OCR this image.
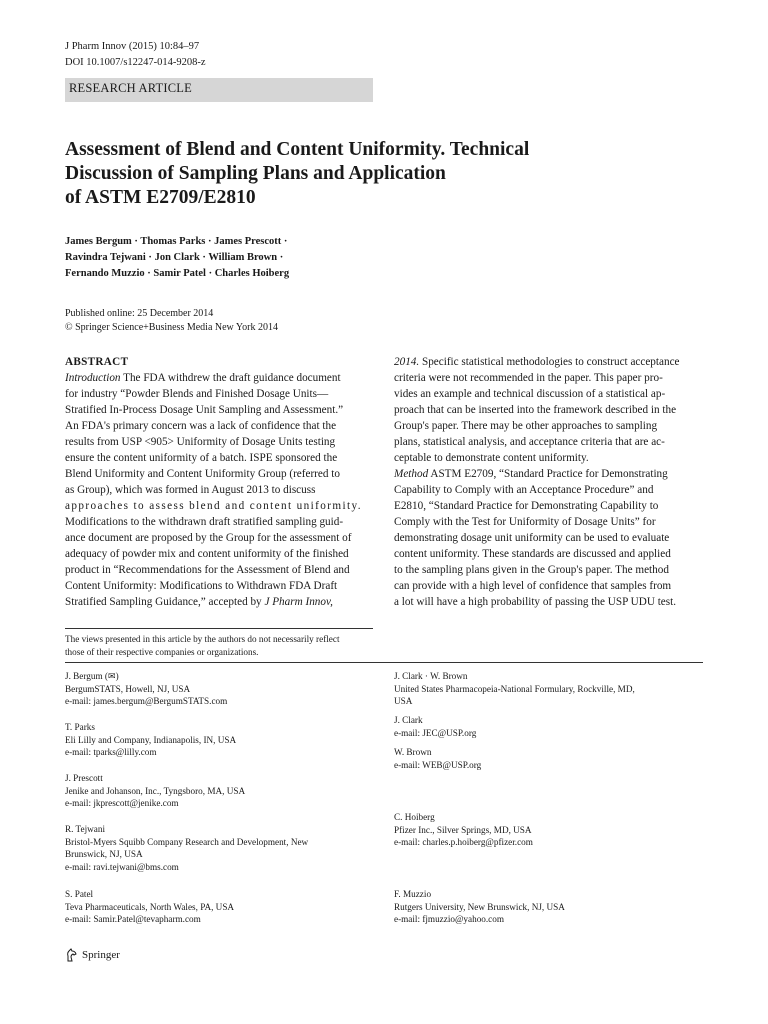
J Pharm Innov (2015) 10:84–97
DOI 10.1007/s12247-014-9208-z
RESEARCH ARTICLE
Assessment of Blend and Content Uniformity. Technical
Discussion of Sampling Plans and Application
of ASTM E2709/E2810
James Bergum · Thomas Parks · James Prescott ·
Ravindra Tejwani · Jon Clark · William Brown ·
Fernando Muzzio · Samir Patel · Charles Hoiberg
Published online: 25 December 2014
© Springer Science+Business Media New York 2014
ABSTRACT
Introduction The FDA withdrew the draft guidance document
for industry “Powder Blends and Finished Dosage Units—
Stratified In-Process Dosage Unit Sampling and Assessment.”
An FDA's primary concern was a lack of confidence that the
results from USP <905> Uniformity of Dosage Units testing
ensure the content uniformity of a batch. ISPE sponsored the
Blend Uniformity and Content Uniformity Group (referred to
as Group), which was formed in August 2013 to discuss
approaches to assess blend and content uniformity.
Modifications to the withdrawn draft stratified sampling guid-
ance document are proposed by the Group for the assessment of
adequacy of powder mix and content uniformity of the finished
product in “Recommendations for the Assessment of Blend and
Content Uniformity: Modifications to Withdrawn FDA Draft
Stratified Sampling Guidance,” accepted by J Pharm Innov,
2014. Specific statistical methodologies to construct acceptance
criteria were not recommended in the paper. This paper pro-
vides an example and technical discussion of a statistical ap-
proach that can be inserted into the framework described in the
Group's paper. There may be other approaches to sampling
plans, statistical analysis, and acceptance criteria that are ac-
ceptable to demonstrate content uniformity.
Method ASTM E2709, “Standard Practice for Demonstrating
Capability to Comply with an Acceptance Procedure” and
E2810, “Standard Practice for Demonstrating Capability to
Comply with the Test for Uniformity of Dosage Units” for
demonstrating dosage unit uniformity can be used to evaluate
content uniformity. These standards are discussed and applied
to the sampling plans given in the Group's paper. The method
can provide with a high level of confidence that samples from
a lot will have a high probability of passing the USP UDU test.
The views presented in this article by the authors do not necessarily reflect
those of their respective companies or organizations.
J. Bergum (✉)
BergumSTATS, Howell, NJ, USA
e-mail: james.bergum@BergumSTATS.com
T. Parks
Eli Lilly and Company, Indianapolis, IN, USA
e-mail: tparks@lilly.com
J. Prescott
Jenike and Johanson, Inc., Tyngsboro, MA, USA
e-mail: jkprescott@jenike.com
R. Tejwani
Bristol-Myers Squibb Company Research and Development, New
Brunswick, NJ, USA
e-mail: ravi.tejwani@bms.com
S. Patel
Teva Pharmaceuticals, North Wales, PA, USA
e-mail: Samir.Patel@tevapharm.com
J. Clark · W. Brown
United States Pharmacopeia-National Formulary, Rockville, MD,
USA
J. Clark
e-mail: JEC@USP.org
W. Brown
e-mail: WEB@USP.org
C. Hoiberg
Pfizer Inc., Silver Springs, MD, USA
e-mail: charles.p.hoiberg@pfizer.com
F. Muzzio
Rutgers University, New Brunswick, NJ, USA
e-mail: fjmuzzio@yahoo.com
Springer
